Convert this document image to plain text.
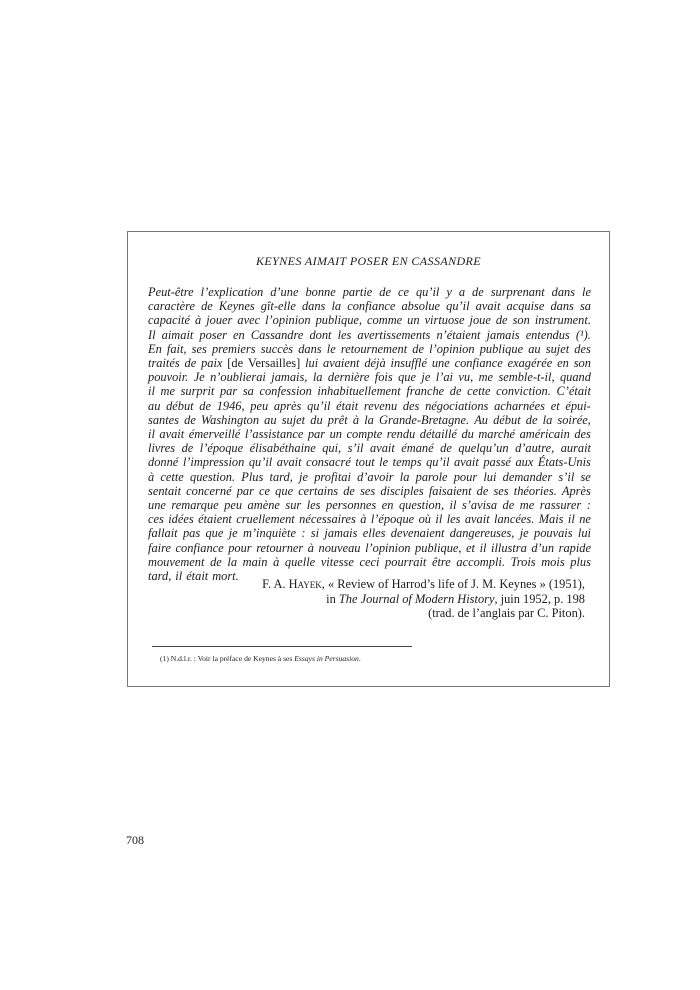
KEYNES AIMAIT POSER EN CASSANDRE
Peut-être l’explication d’une bonne partie de ce qu’il y a de surprenant dans le
caractère de Keynes gît-elle dans la confiance absolue qu’il avait acquise dans sa
capacité à jouer avec l’opinion publique, comme un virtuose joue de son instrument.
Il aimait poser en Cassandre dont les avertissements n’étaient jamais entendus (¹).
En fait, ses premiers succès dans le retournement de l’opinion publique au sujet des
traités de paix [de Versailles] lui avaient déjà insufflé une confiance exagérée en son
pouvoir. Je n’oublierai jamais, la dernière fois que je l’ai vu, me semble-t-il, quand
il me surprit par sa confession inhabituellement franche de cette conviction. C’était
au début de 1946, peu après qu’il était revenu des négociations acharnées et épui-
santes de Washington au sujet du prêt à la Grande-Bretagne. Au début de la soirée,
il avait émerveillé l’assistance par un compte rendu détaillé du marché américain des
livres de l’époque élisabéthaine qui, s’il avait émané de quelqu’un d’autre, aurait
donné l’impression qu’il avait consacré tout le temps qu’il avait passé aux États-Unis
à cette question. Plus tard, je profitai d’avoir la parole pour lui demander s’il se
sentait concerné par ce que certains de ses disciples faisaient de ses théories. Après
une remarque peu amène sur les personnes en question, il s’avisa de me rassurer :
ces idées étaient cruellement nécessaires à l’époque où il les avait lancées. Mais il ne
fallait pas que je m’inquiète : si jamais elles devenaient dangereuses, je pouvais lui
faire confiance pour retourner à nouveau l’opinion publique, et il illustra d’un rapide
mouvement de la main à quelle vitesse ceci pourrait être accompli. Trois mois plus
tard, il était mort.
F. A. Hayek, « Review of Harrod’s life of J. M. Keynes » (1951),
in The Journal of Modern History, juin 1952, p. 198
(trad. de l’anglais par C. Piton).
(1) N.d.l.r. : Voir la préface de Keynes à ses Essays in Persuasion.
708
